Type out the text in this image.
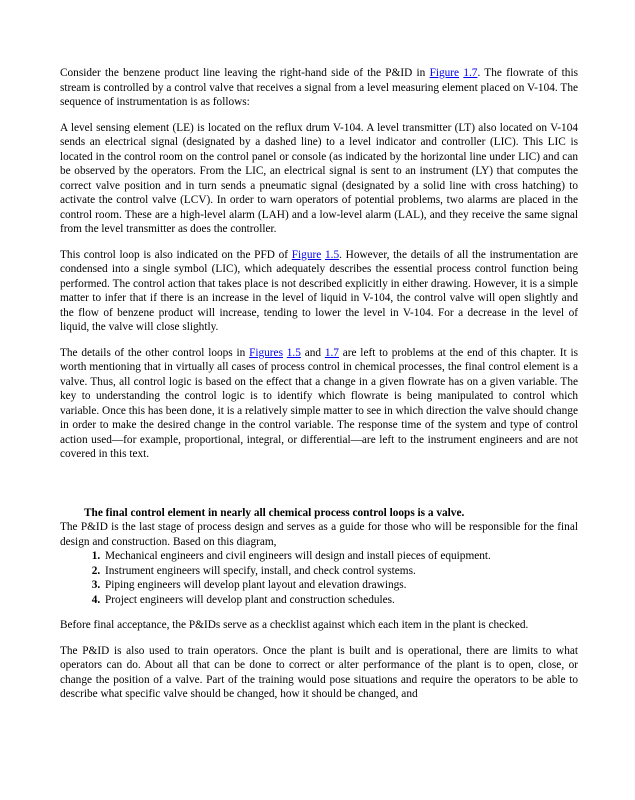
Consider the benzene product line leaving the right-hand side of the P&ID in Figure 1.7. The flowrate of this stream is controlled by a control valve that receives a signal from a level measuring element placed on V-104. The sequence of instrumentation is as follows:

A level sensing element (LE) is located on the reflux drum V-104. A level transmitter (LT) also located on V-104 sends an electrical signal (designated by a dashed line) to a level indicator and controller (LIC). This LIC is located in the control room on the control panel or console (as indicated by the horizontal line under LIC) and can be observed by the operators. From the LIC, an electrical signal is sent to an instrument (LY) that computes the correct valve position and in turn sends a pneumatic signal (designated by a solid line with cross hatching) to activate the control valve (LCV). In order to warn operators of potential problems, two alarms are placed in the control room. These are a high-level alarm (LAH) and a low-level alarm (LAL), and they receive the same signal from the level transmitter as does the controller.

This control loop is also indicated on the PFD of Figure 1.5. However, the details of all the instrumentation are condensed into a single symbol (LIC), which adequately describes the essential process control function being performed. The control action that takes place is not described explicitly in either drawing. However, it is a simple matter to infer that if there is an increase in the level of liquid in V-104, the control valve will open slightly and the flow of benzene product will increase, tending to lower the level in V-104. For a decrease in the level of liquid, the valve will close slightly.

The details of the other control loops in Figures 1.5 and 1.7 are left to problems at the end of this chapter. It is worth mentioning that in virtually all cases of process control in chemical processes, the final control element is a valve. Thus, all control logic is based on the effect that a change in a given flowrate has on a given variable. The key to understanding the control logic is to identify which flowrate is being manipulated to control which variable. Once this has been done, it is a relatively simple matter to see in which direction the valve should change in order to make the desired change in the control variable. The response time of the system and type of control action used—for example, proportional, integral, or differential—are left to the instrument engineers and are not covered in this text.

The final control element in nearly all chemical process control loops is a valve.

The P&ID is the last stage of process design and serves as a guide for those who will be responsible for the final design and construction. Based on this diagram,

1. Mechanical engineers and civil engineers will design and install pieces of equipment.
2. Instrument engineers will specify, install, and check control systems.
3. Piping engineers will develop plant layout and elevation drawings.
4. Project engineers will develop plant and construction schedules.

Before final acceptance, the P&IDs serve as a checklist against which each item in the plant is checked.

The P&ID is also used to train operators. Once the plant is built and is operational, there are limits to what operators can do. About all that can be done to correct or alter performance of the plant is to open, close, or change the position of a valve. Part of the training would pose situations and require the operators to be able to describe what specific valve should be changed, how it should be changed, and
